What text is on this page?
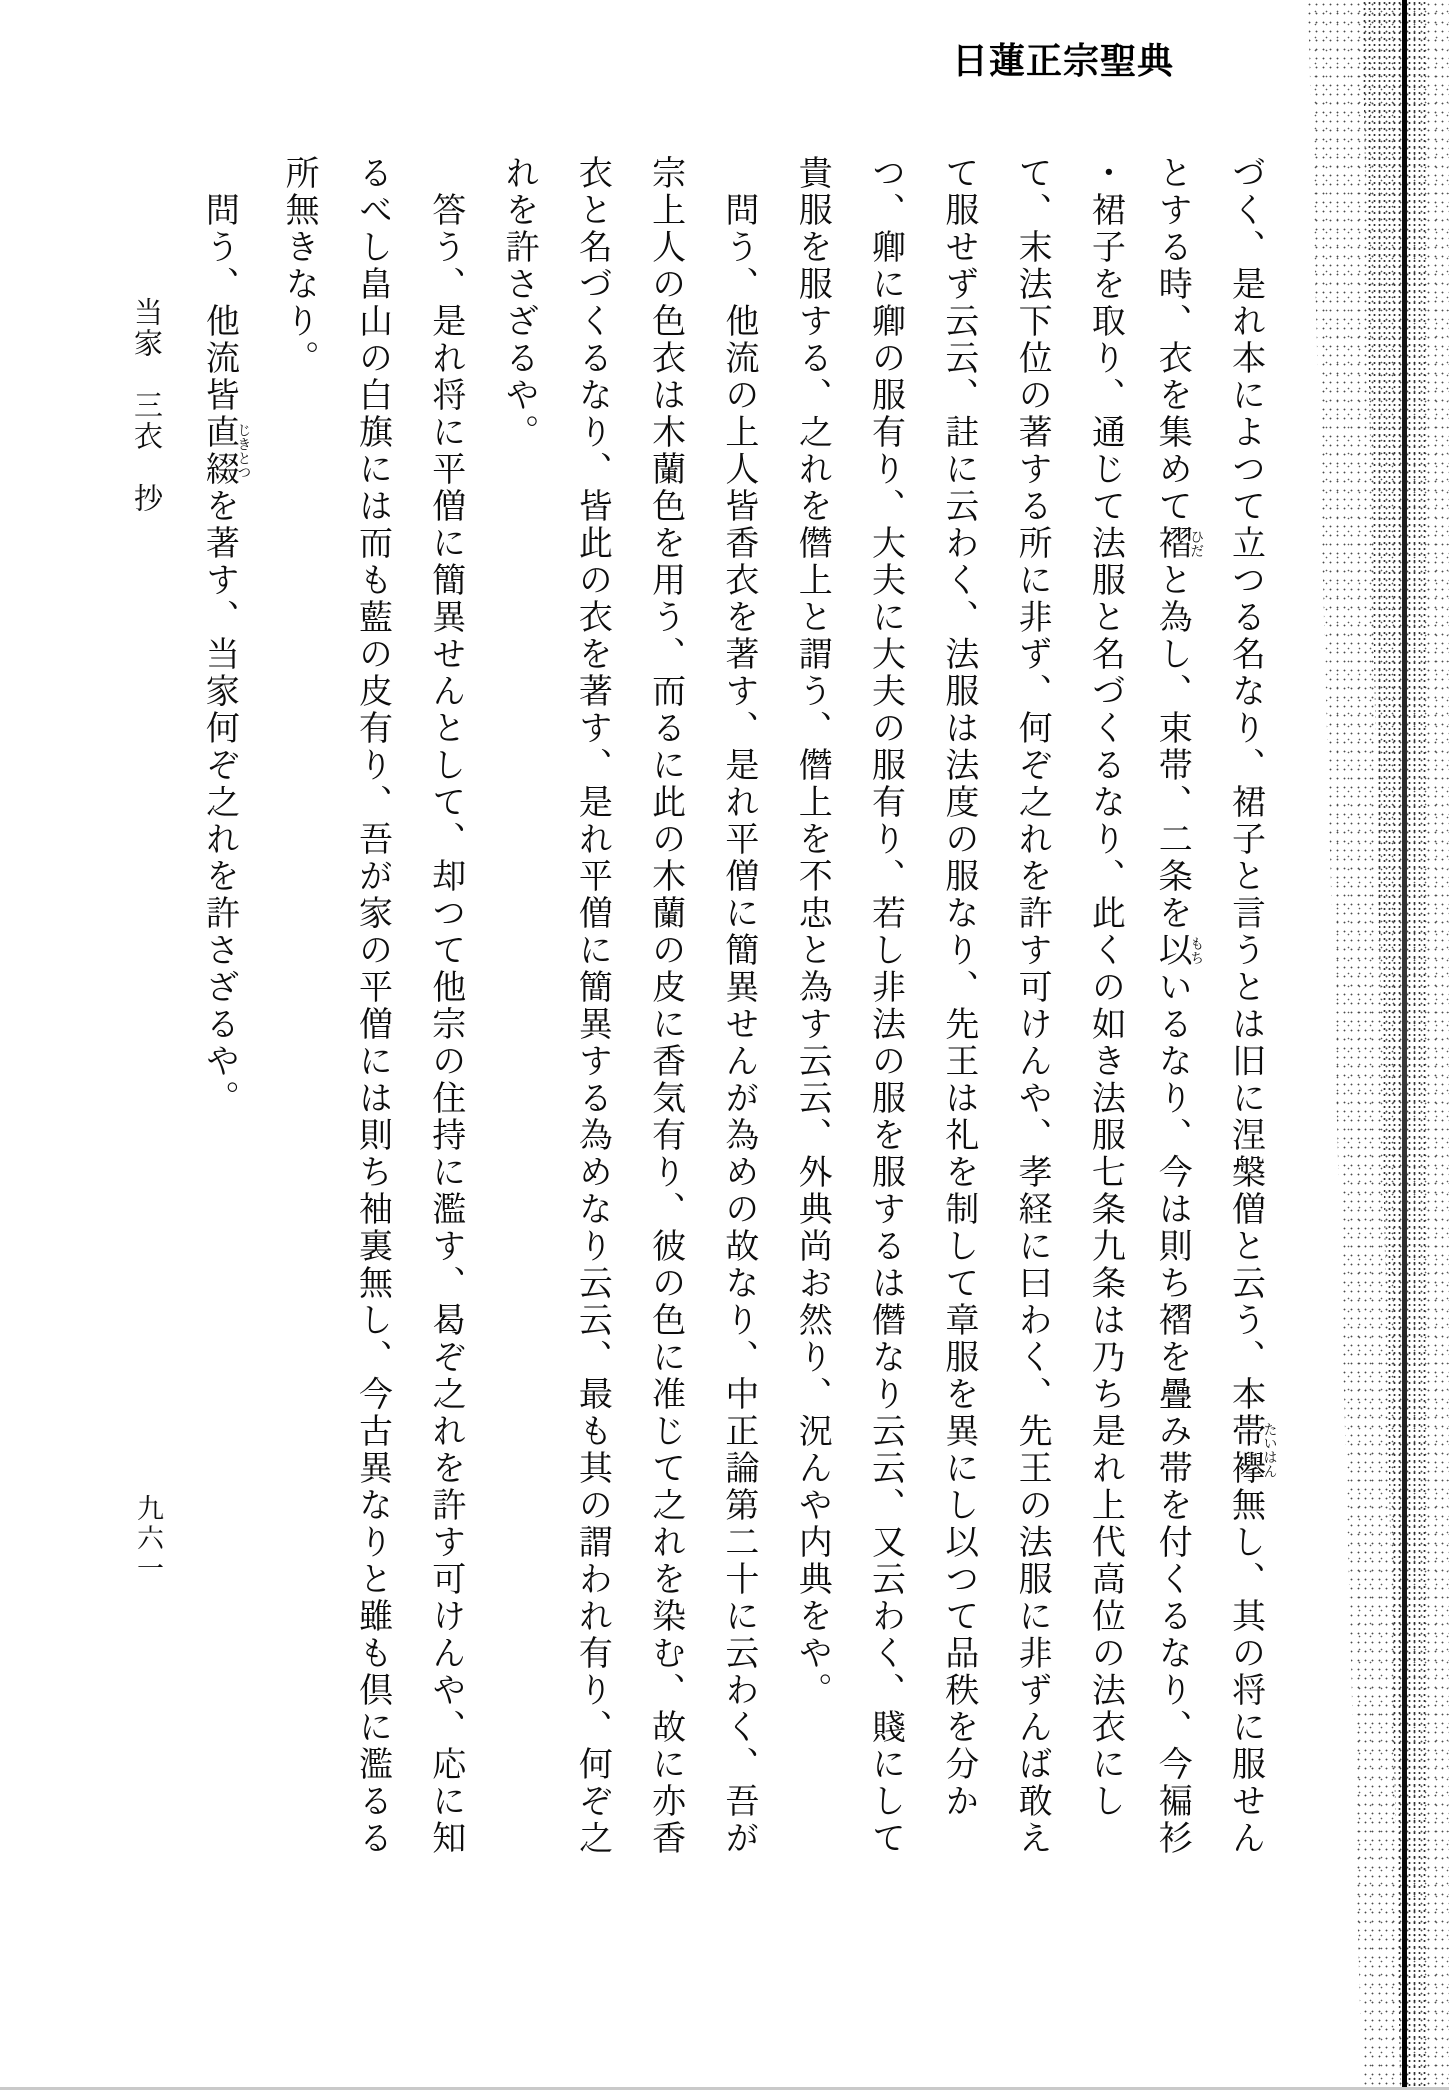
日蓮正宗聖典
づく、是れ本によつて立つる名なり、裙子と言うとは旧に涅槃僧と云う、本帯襷たいはん無し、其の将に服せん
とする時、衣を集めて褶ひだと為し、束帯、二条を以もちいるなり、今は則ち褶を疊み帯を付くるなり、今褊衫
・裙子を取り、通じて法服と名づくるなり、此くの如き法服七条九条は乃ち是れ上代高位の法衣にし
て、末法下位の著する所に非ず、何ぞ之れを許す可けんや、孝経に曰わく、先王の法服に非ずんば敢え
て服せず云云、註に云わく、法服は法度の服なり、先王は礼を制して章服を異にし以つて品秩を分か
つ、卿に卿の服有り、大夫に大夫の服有り、若し非法の服を服するは僭なり云云、又云わく、賤にして
貴服を服する、之れを僭上と謂う、僭上を不忠と為す云云、外典尚お然り、況んや内典をや。
問う、他流の上人皆香衣を著す、是れ平僧に簡異せんが為めの故なり、中正論第二十に云わく、吾が
宗上人の色衣は木蘭色を用う、而るに此の木蘭の皮に香気有り、彼の色に准じて之れを染む、故に亦香
衣と名づくるなり、皆此の衣を著す、是れ平僧に簡異する為めなり云云、最も其の謂われ有り、何ぞ之
れを許さざるや。
答う、是れ将に平僧に簡異せんとして、却つて他宗の住持に濫す、曷ぞ之れを許す可けんや、応に知
るべし畠山の白旗には而も藍の皮有り、吾が家の平僧には則ち袖裏無し、今古異なりと雖も倶に濫るる
所無きなり。
問う、他流皆直綴じきとつを著す、当家何ぞ之れを許さざるや。
当家　三衣　抄
九六一
